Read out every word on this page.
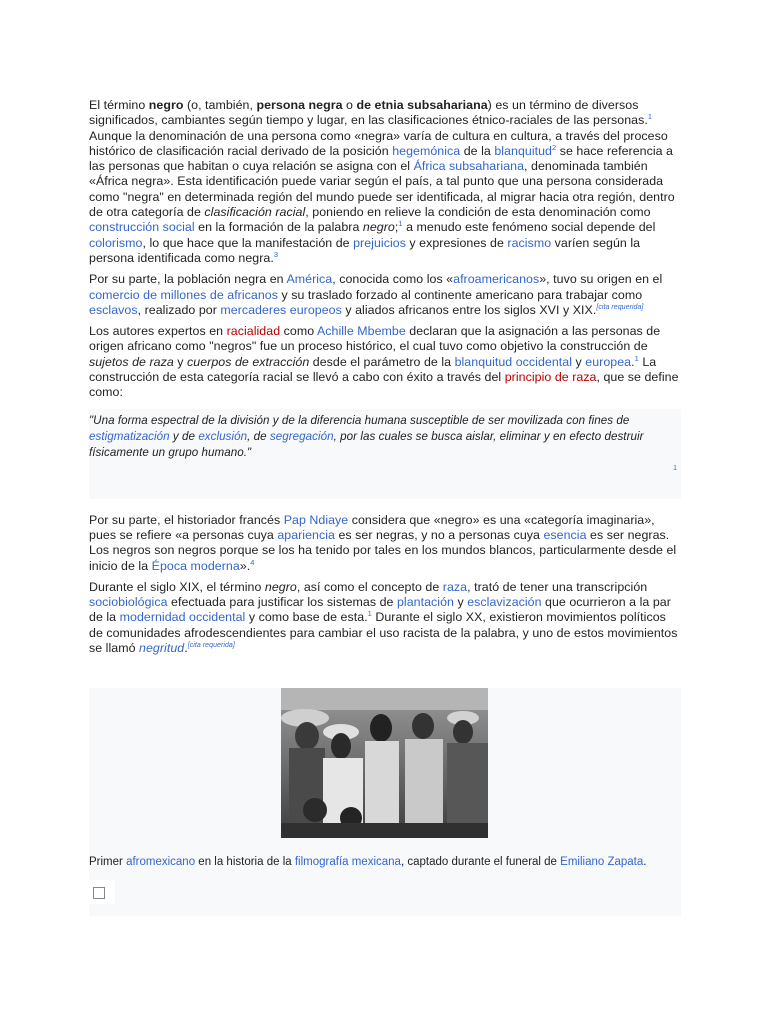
El término negro (o, también, persona negra o de etnia subsahariana) es un término de diversos significados, cambiantes según tiempo y lugar, en las clasificaciones étnico-raciales de las personas.$^1$ Aunque la denominación de una persona como «negra» varía de cultura en cultura, a través del proceso histórico de clasificación racial derivado de la posición hegemónica de la blanquitud$^2$ se hace referencia a las personas que habitan o cuya relación se asigna con el África subsahariana, denominada también «África negra». Esta identificación puede variar según el país, a tal punto que una persona considerada como "negra" en determinada región del mundo puede ser identificada, al migrar hacia otra región, dentro de otra categoría de clasificación racial, poniendo en relieve la condición de esta denominación como construcción social en la formación de la palabra negro;$^1$ a menudo este fenómeno social depende del colorismo, lo que hace que la manifestación de prejuicios y expresiones de racismo varíen según la persona identificada como negra.$^3$

Por su parte, la población negra en América, conocida como los «afroamericanos», tuvo su origen en el comercio de millones de africanos y su traslado forzado al continente americano para trabajar como esclavos, realizado por mercaderes europeos y aliados africanos entre los siglos XVI y XIX.[cita requerida]

Los autores expertos en racialidad como Achille Mbembe declaran que la asignación a las personas de origen africano como "negros" fue un proceso histórico, el cual tuvo como objetivo la construcción de sujetos de raza y cuerpos de extracción desde el parámetro de la blanquitud occidental y europea.$^1$ La construcción de esta categoría racial se llevó a cabo con éxito a través del principio de raza, que se define como:

"Una forma espectral de la división y de la diferencia humana susceptible de ser movilizada con fines de estigmatización y de exclusión, de segregación, por las cuales se busca aislar, eliminar y en efecto destruir físicamente un grupo humano."

1

Por su parte, el historiador francés Pap Ndiaye considera que «negro» es una «categoría imaginaria», pues se refiere «a personas cuya apariencia es ser negras, y no a personas cuya esencia es ser negras. Los negros son negros porque se los ha tenido por tales en los mundos blancos, particularmente desde el inicio de la Época moderna».$^4$

Durante el siglo XIX, el término negro, así como el concepto de raza, trató de tener una transcripción sociobiológica efectuada para justificar los sistemas de plantación y esclavización que ocurrieron a la par de la modernidad occidental y como base de esta.$^1$ Durante el siglo XX, existieron movimientos políticos de comunidades afrodescendientes para cambiar el uso racista de la palabra, y uno de estos movimientos se llamó negritud.[cita requerida]

Primer afromexicano en la historia de la filmografía mexicana, captado durante el funeral de Emiliano Zapata.
